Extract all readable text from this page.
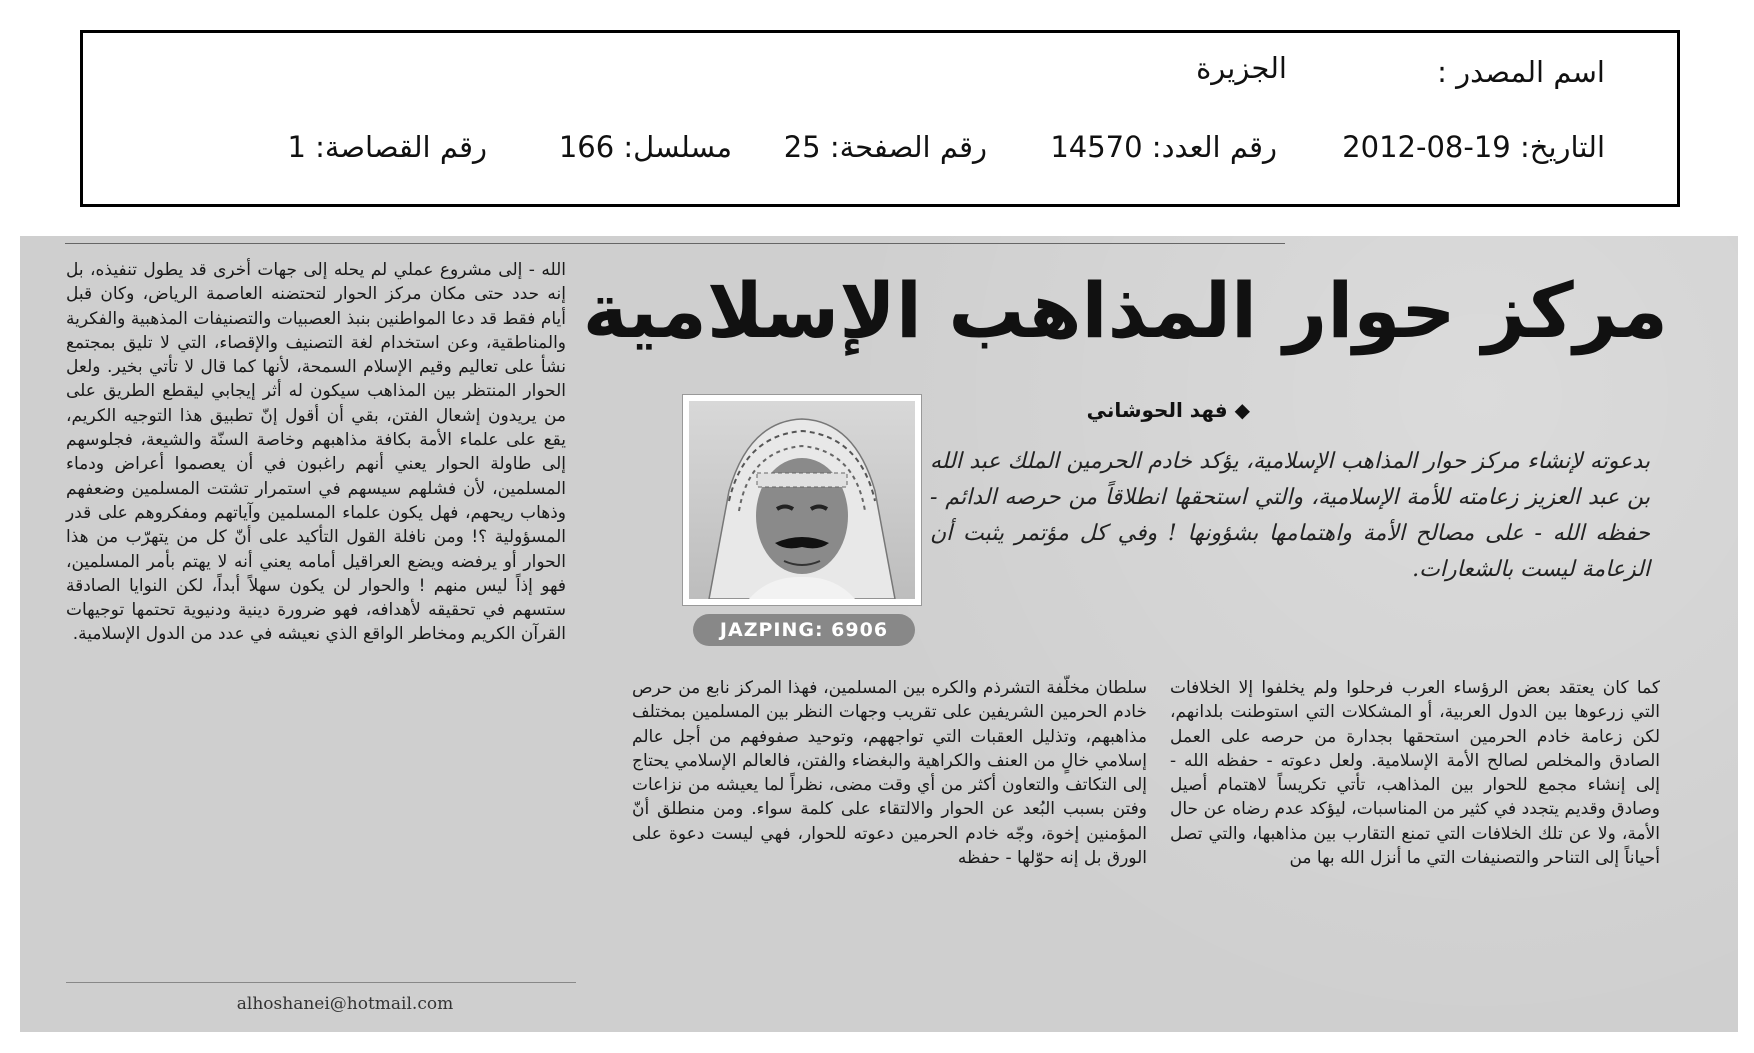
اسم المصدر :
الجزيرة
التاريخ: 19-08-2012
رقم العدد: 14570
رقم الصفحة: 25
مسلسل: 166
رقم القصاصة: 1
مركز حوار المذاهب الإسلامية
JAZPING: 6906
◆ فهد الحوشاني
بدعوته لإنشاء مركز حوار المذاهب الإسلامية، يؤكد خادم الحرمين الملك عبد الله بن عبد العزيز زعامته للأمة الإسلامية، والتي استحقها انطلاقاً من حرصه الدائم - حفظه الله - على مصالح الأمة واهتمامها بشؤونها ! وفي كل مؤتمر يثبت أن الزعامة ليست بالشعارات.
كما كان يعتقد بعض الرؤساء العرب فرحلوا ولم يخلفوا إلا الخلافات التي زرعوها بين الدول العربية، أو المشكلات التي استوطنت بلدانهم، لكن زعامة خادم الحرمين استحقها بجدارة من حرصه على العمل الصادق والمخلص لصالح الأمة الإسلامية. ولعل دعوته - حفظه الله - إلى إنشاء مجمع للحوار بين المذاهب، تأتي تكريساً لاهتمام أصيل وصادق وقديم يتجدد في كثير من المناسبات، ليؤكد عدم رضاه عن حال الأمة، ولا عن تلك الخلافات التي تمنع التقارب بين مذاهبها، والتي تصل أحياناً إلى التناحر والتصنيفات التي ما أنزل الله بها من
سلطان مخلّفة التشرذم والكره بين المسلمين، فهذا المركز نابع من حرص خادم الحرمين الشريفين على تقريب وجهات النظر بين المسلمين بمختلف مذاهبهم، وتذليل العقبات التي تواجههم، وتوحيد صفوفهم من أجل عالم إسلامي خالٍ من العنف والكراهية والبغضاء والفتن، فالعالم الإسلامي يحتاج إلى التكاتف والتعاون أكثر من أي وقت مضى، نظراً لما يعيشه من نزاعات وفتن بسبب البُعد عن الحوار والالتقاء على كلمة سواء. ومن منطلق أنّ المؤمنين إخوة، وجّه خادم الحرمين دعوته للحوار، فهي ليست دعوة على الورق بل إنه حوّلها - حفظه
الله - إلى مشروع عملي لم يحله إلى جهات أخرى قد يطول تنفيذه، بل إنه حدد حتى مكان مركز الحوار لتحتضنه العاصمة الرياض، وكان قبل أيام فقط قد دعا المواطنين بنبذ العصبيات والتصنيفات المذهبية والفكرية والمناطقية، وعن استخدام لغة التصنيف والإقصاء، التي لا تليق بمجتمع نشأ على تعاليم وقيم الإسلام السمحة، لأنها كما قال لا تأتي بخير. ولعل الحوار المنتظر بين المذاهب سيكون له أثر إيجابي ليقطع الطريق على من يريدون إشعال الفتن، بقي أن أقول إنّ تطبيق هذا التوجيه الكريم، يقع على علماء الأمة بكافة مذاهبهم وخاصة السنّة والشيعة، فجلوسهم إلى طاولة الحوار يعني أنهم راغبون في أن يعصموا أعراض ودماء المسلمين، لأن فشلهم سيسهم في استمرار تشتت المسلمين وضعفهم وذهاب ريحهم، فهل يكون علماء المسلمين وآياتهم ومفكروهم على قدر المسؤولية ؟! ومن نافلة القول التأكيد على أنّ كل من يتهرّب من هذا الحوار أو يرفضه ويضع العراقيل أمامه يعني أنه لا يهتم بأمر المسلمين، فهو إذاً ليس منهم ! والحوار لن يكون سهلاً أبداً، لكن النوايا الصادقة ستسهم في تحقيقه لأهدافه، فهو ضرورة دينية ودنيوية تحتمها توجيهات القرآن الكريم ومخاطر الواقع الذي نعيشه في عدد من الدول الإسلامية.
alhoshanei@hotmail.com
